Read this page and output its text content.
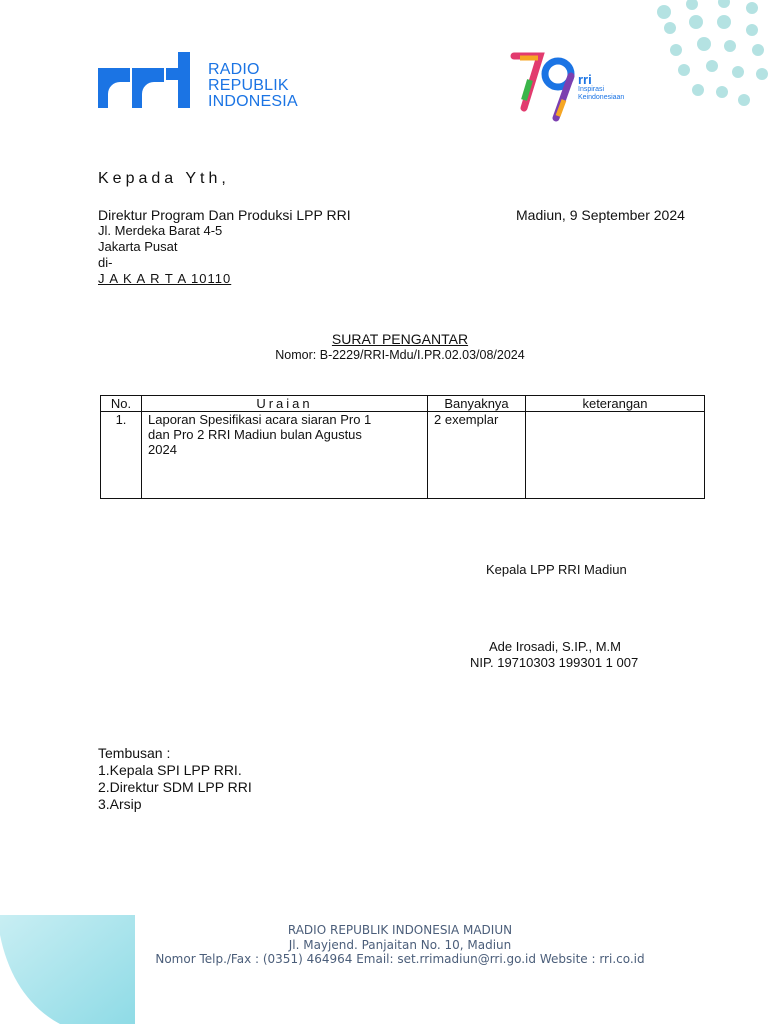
RADIO
REPUBLIK
INDONESIA
rri
Inspirasi
Keindonesiaan
Kepada Yth,
Direktur Program Dan Produksi LPP RRI
Jl. Merdeka Barat 4-5
Jakarta Pusat
di-
J A K A R T A 10110
Madiun, 9 September 2024
SURAT PENGANTAR
Nomor: B-2229/RRI-Mdu/I.PR.02.03/08/2024
No.	Uraian	Banyaknya	keterangan
1.	Laporan Spesifikasi acara siaran Pro 1
dan Pro 2 RRI Madiun bulan Agustus
2024	2 exemplar	
Kepala LPP RRI Madiun
Ade Irosadi, S.IP., M.M
NIP. 19710303 199301 1 007
Tembusan :
1.Kepala SPI LPP RRI.
2.Direktur SDM LPP RRI
3.Arsip
RADIO REPUBLIK INDONESIA MADIUN
Jl. Mayjend. Panjaitan No. 10, Madiun
Nomor Telp./Fax : (0351) 464964 Email: set.rrimadiun@rri.go.id Website : rri.co.id
